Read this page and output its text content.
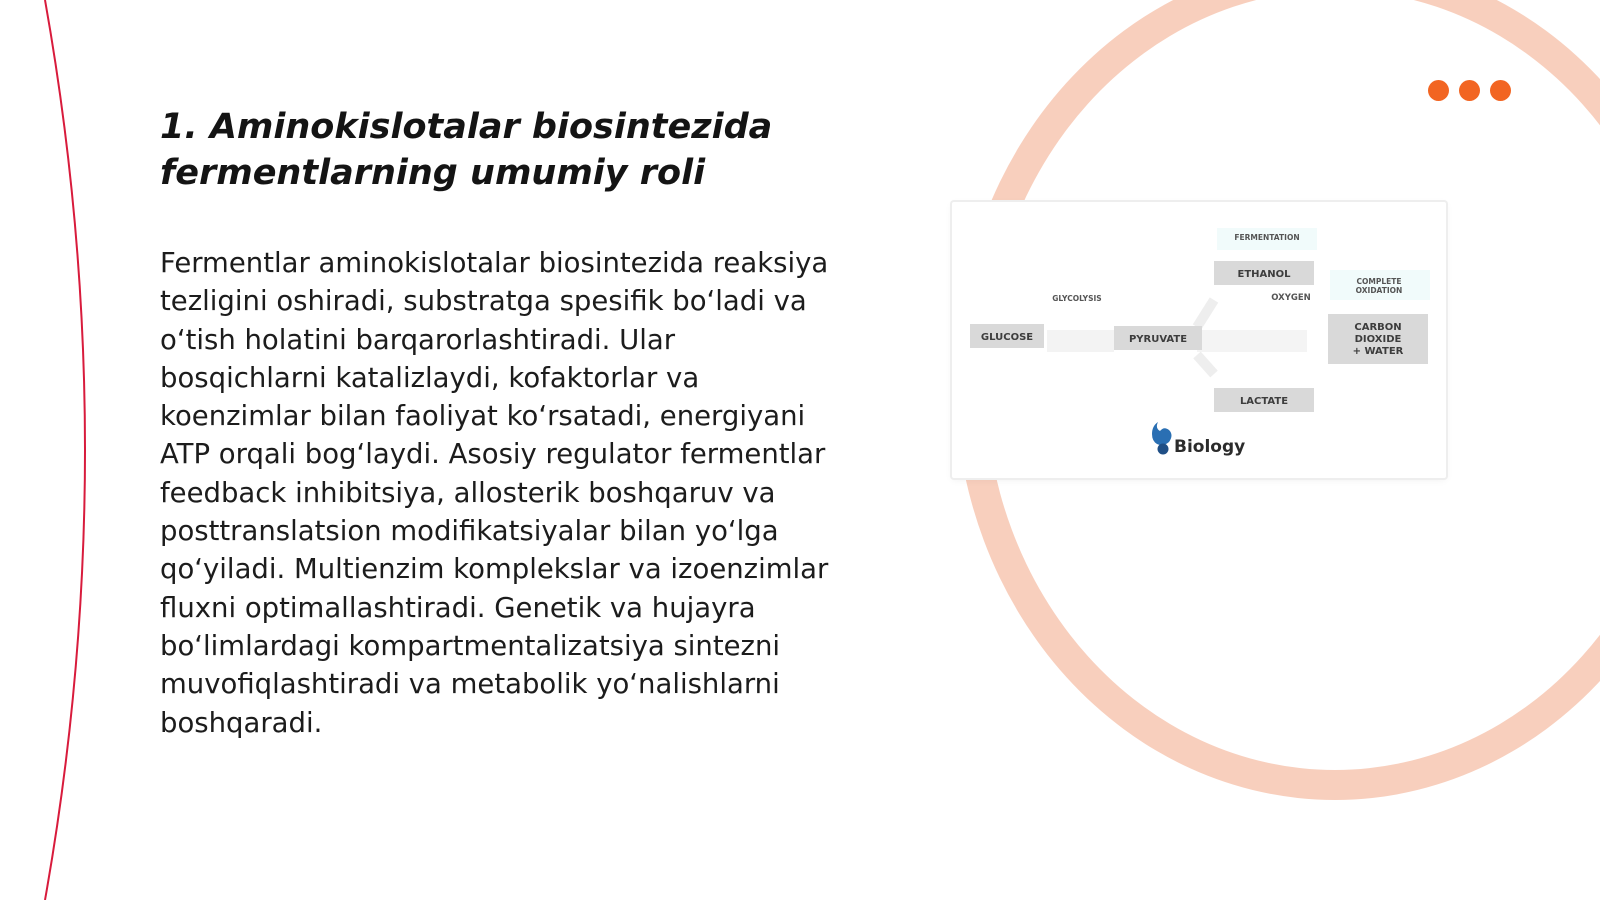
1. Aminokislotalar biosintezida fermentlarning umumiy roli

Fermentlar aminokislotalar biosintezida reaksiya tezligini oshiradi, substratga spesifik bo‘ladi va o‘tish holatini barqarorlashtiradi. Ular bosqichlarni katalizlaydi, kofaktorlar va koenzimlar bilan faoliyat ko‘rsatadi, energiyani ATP orqali bog‘laydi. Asosiy regulator fermentlar feedback inhibitsiya, allosterik boshqaruv va posttranslatsion modifikatsiyalar bilan yo‘lga qo‘yiladi. Multienzim komplekslar va izoenzimlar fluxni optimallashtiradi. Genetik va hujayra bo‘limlardagi kompartmentalizatsiya sintezni muvofiqlashtiradi va metabolik yo‘nalishlarni boshqaradi.

FERMENTATION
GLYCOLYSIS	OXYGEN
COMPLETE
OXIDATION
GLUCOSE	PYRUVATE
ETHANOL
LACTATE
CARBON
DIOXIDE
+ WATER
Biology
